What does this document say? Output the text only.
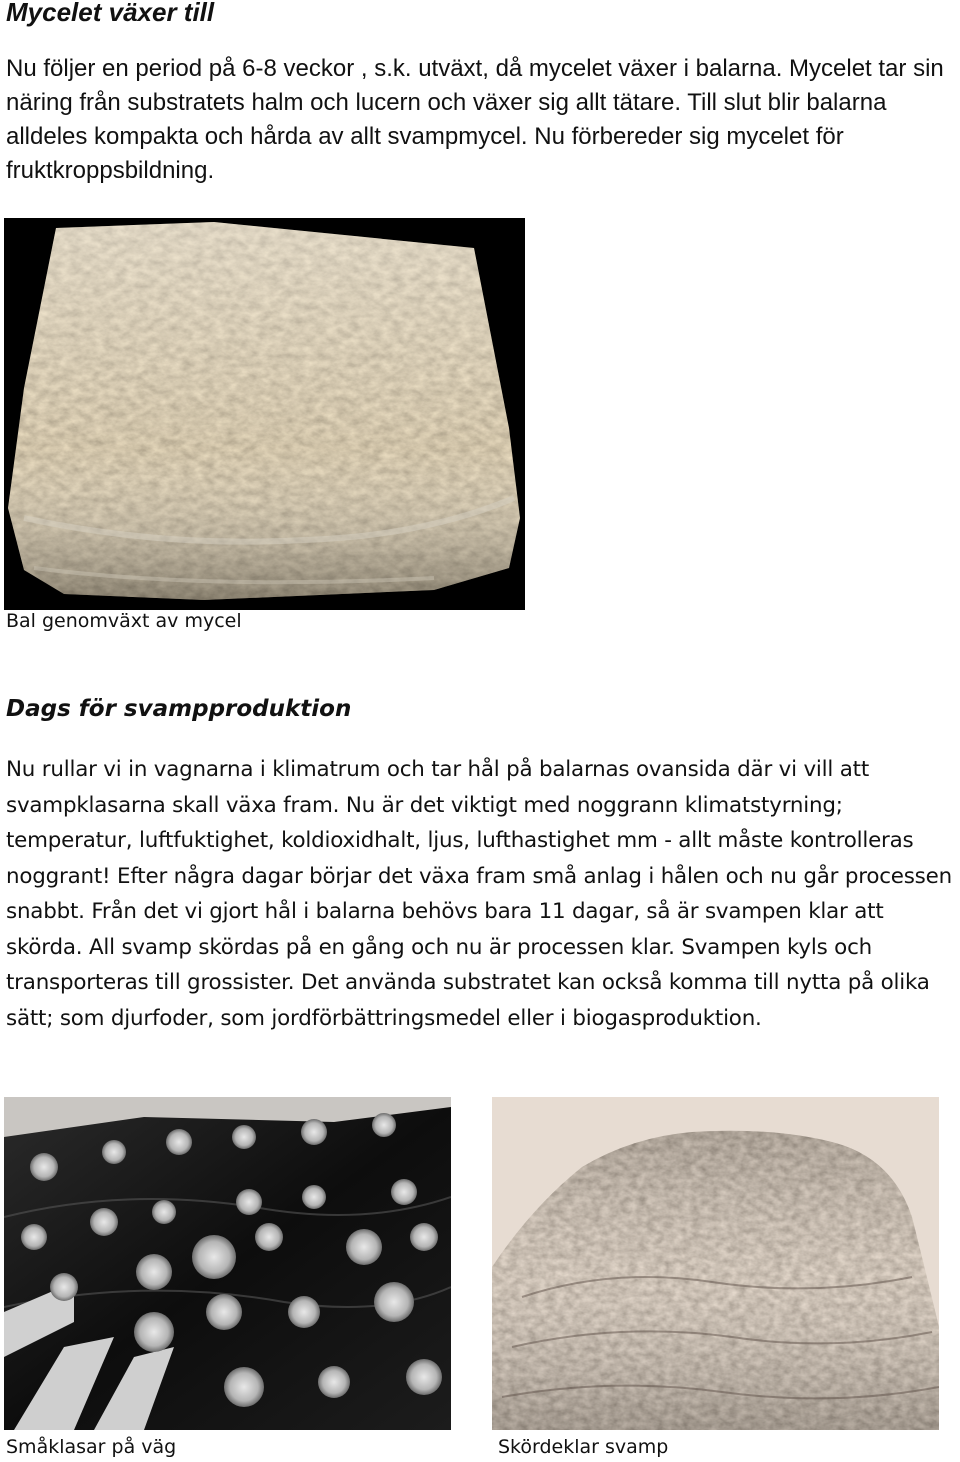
Mycelet växer till

Nu följer en period på 6-8 veckor , s.k. utväxt, då mycelet växer i balarna. Mycelet tar sin näring från substratets halm och lucern och växer sig allt tätare. Till slut blir balarna alldeles kompakta och hårda av allt svampmycel. Nu förbereder sig mycelet för fruktkroppsbildning.

Bal genomväxt av mycel

Dags för svampproduktion

Nu rullar vi in vagnarna i klimatrum och tar hål på balarnas ovansida där vi vill att svampklasarna skall växa fram. Nu är det viktigt med noggrann klimatstyrning; temperatur, luftfuktighet, koldioxidhalt, ljus, lufthastighet mm - allt måste kontrolleras noggrant! Efter några dagar börjar det växa fram små anlag i hålen och nu går processen snabbt. Från det vi gjort hål i balarna behövs bara 11 dagar, så är svampen klar att skörda. All svamp skördas på en gång och nu är processen klar. Svampen kyls och transporteras till grossister. Det använda substratet kan också komma till nytta på olika sätt; som djurfoder, som jordförbättringsmedel eller i biogasproduktion.

Småklasar på väg	Skördeklar svamp
